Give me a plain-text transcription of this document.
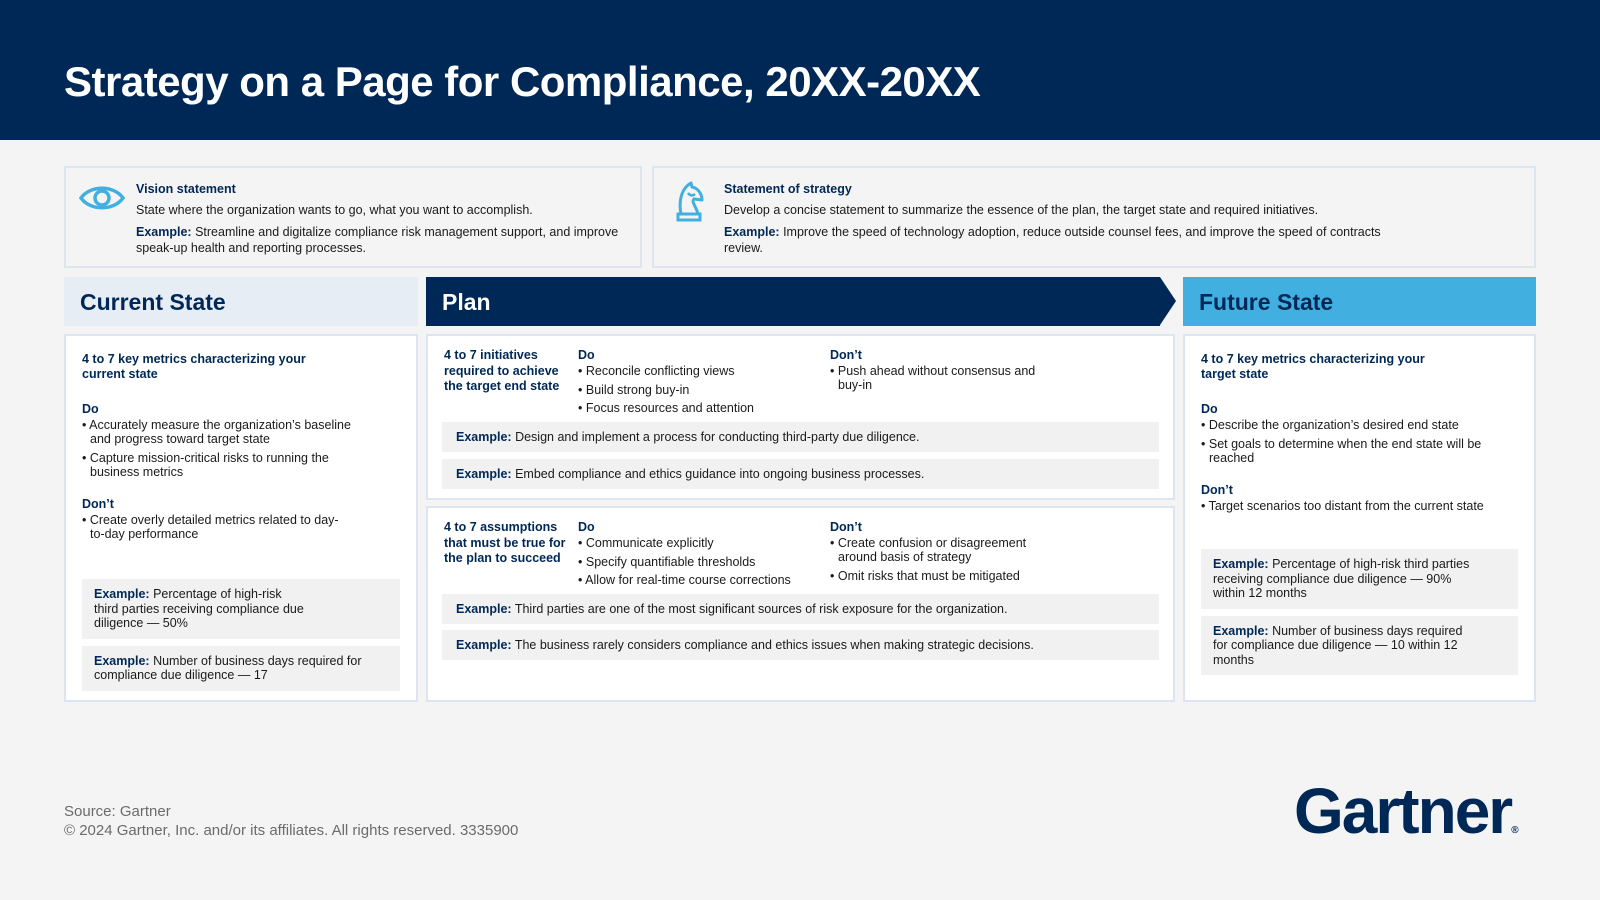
Strategy on a Page for Compliance, 20XX-20XX
Vision statement
State where the organization wants to go, what you want to accomplish.
Example: Streamline and digitalize compliance risk management support, and improve speak-up health and reporting processes.
Statement of strategy
Develop a concise statement to summarize the essence of the plan, the target state and required initiatives.
Example: Improve the speed of technology adoption, reduce outside counsel fees, and improve the speed of contracts review.
Current State	Plan	Future State
4 to 7 key metrics characterizing your current state
Do
• Accurately measure the organization’s baseline and progress toward target state
• Capture mission-critical risks to running the business metrics
Don’t
• Create overly detailed metrics related to day-to-day performance
Example: Percentage of high-risk third parties receiving compliance due diligence — 50%
Example: Number of business days required for compliance due diligence — 17
4 to 7 initiatives required to achieve the target end state
Do
• Reconcile conflicting views
• Build strong buy-in
• Focus resources and attention
Don’t
• Push ahead without consensus and buy-in
Example: Design and implement a process for conducting third-party due diligence.
Example: Embed compliance and ethics guidance into ongoing business processes.
4 to 7 assumptions that must be true for the plan to succeed
Do
• Communicate explicitly
• Specify quantifiable thresholds
• Allow for real-time course corrections
Don’t
• Create confusion or disagreement around basis of strategy
• Omit risks that must be mitigated
Example: Third parties are one of the most significant sources of risk exposure for the organization.
Example: The business rarely considers compliance and ethics issues when making strategic decisions.
4 to 7 key metrics characterizing your target state
Do
• Describe the organization’s desired end state
• Set goals to determine when the end state will be reached
Don’t
• Target scenarios too distant from the current state
Example: Percentage of high-risk third parties receiving compliance due diligence — 90% within 12 months
Example: Number of business days required for compliance due diligence — 10 within 12 months
Source: Gartner
© 2024 Gartner, Inc. and/or its affiliates. All rights reserved. 3335900	Gartner®
